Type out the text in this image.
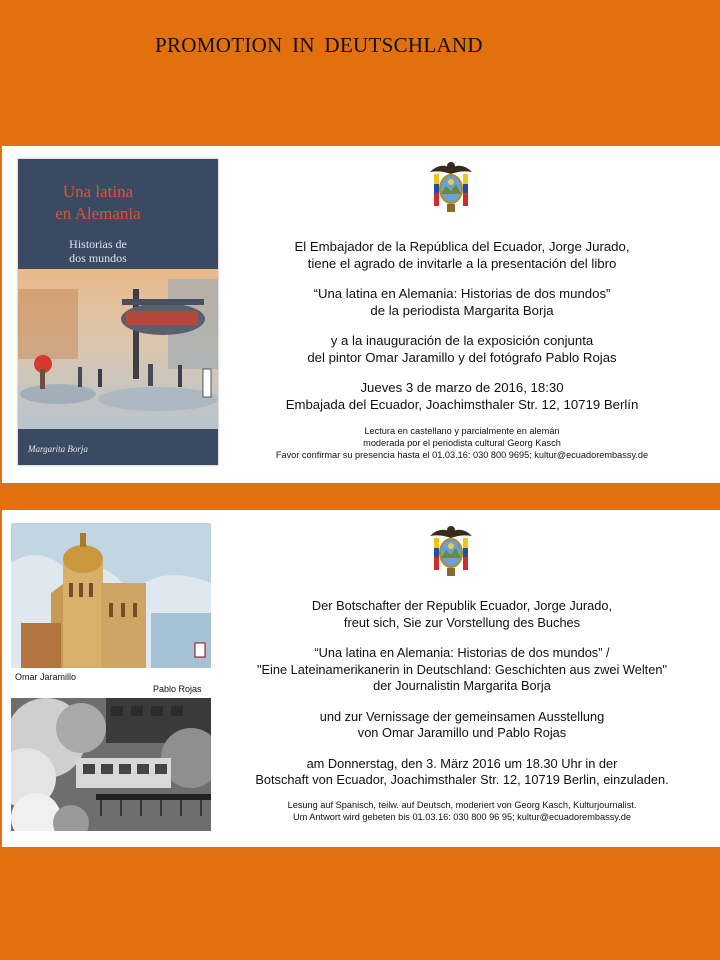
PROMOTION IN DEUTSCHLAND
Una latina
en Alemania
Historias de
dos mundos
Margarita Borja

El Embajador de la República del Ecuador, Jorge Jurado,

tiene el agrado de invitarle a la presentación del libro

“Una latina en Alemania: Historias de dos mundos”

de la periodista Margarita Borja

y a la inauguración de la exposición conjunta

del pintor Omar Jaramillo y del fotógrafo Pablo Rojas

Jueves 3 de marzo de 2016, 18:30

Embajada del Ecuador, Joachimsthaler Str. 12, 10719 Berlín

Lectura en castellano y parcialmente en alemán

moderada por el periodista cultural Georg Kasch

Favor confirmar su presencia hasta el 01.03.16: 030 800 9695; kultur@ecuadorembassy.de

Omar Jaramillo
Pablo Rojas

Der Botschafter der Republik Ecuador, Jorge Jurado,

freut sich, Sie zur Vorstellung des Buches

“Una latina en Alemania: Historias de dos mundos” /

"Eine Lateinamerikanerin in Deutschland: Geschichten aus zwei Welten"

der Journalistin Margarita Borja

und zur Vernissage der gemeinsamen Ausstellung

von Omar Jaramillo und Pablo Rojas

am Donnerstag, den 3. März 2016 um 18.30 Uhr in der

Botschaft von Ecuador, Joachimsthaler Str. 12, 10719 Berlin, einzuladen.

Lesung auf Spanisch, teilw. auf Deutsch, moderiert von Georg Kasch, Kulturjournalist.

Um Antwort wird gebeten bis 01.03.16: 030 800 96 95; kultur@ecuadorembassy.de
